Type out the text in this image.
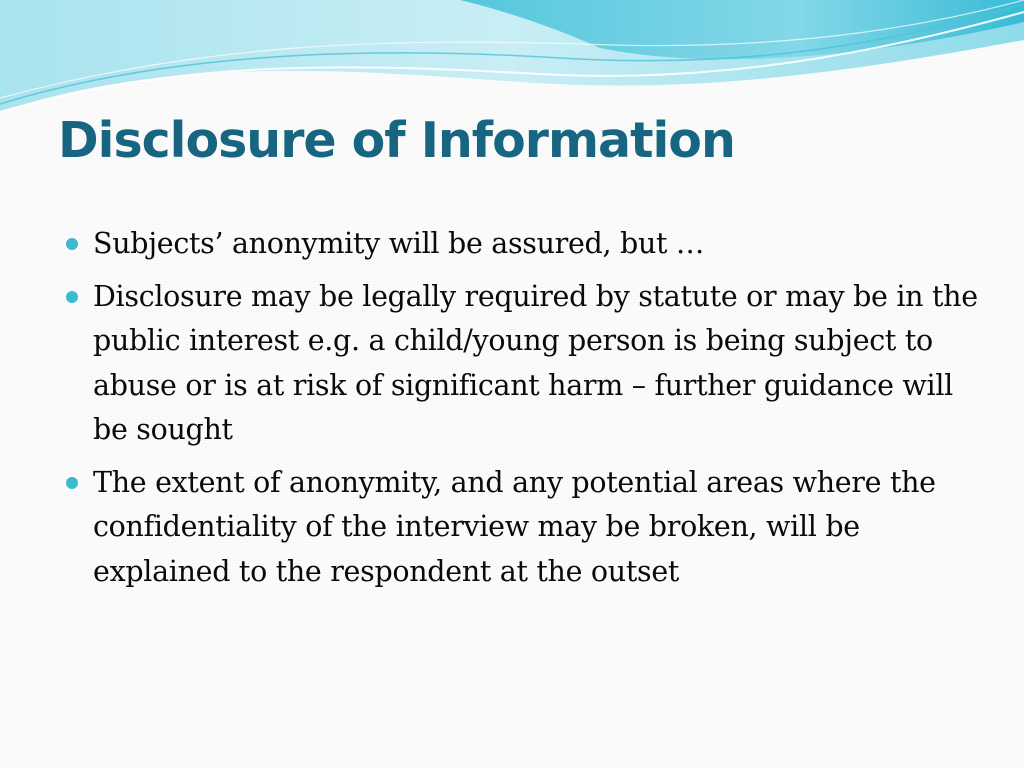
Disclosure of Information
Subjects’ anonymity will be assured, but …
Disclosure may be legally required by statute or may be in the public interest e.g. a child/young person is being subject to abuse or is at risk of significant harm – further guidance will be sought
The extent of anonymity, and any potential areas where the confidentiality of the interview may be broken, will be explained to the respondent at the outset
